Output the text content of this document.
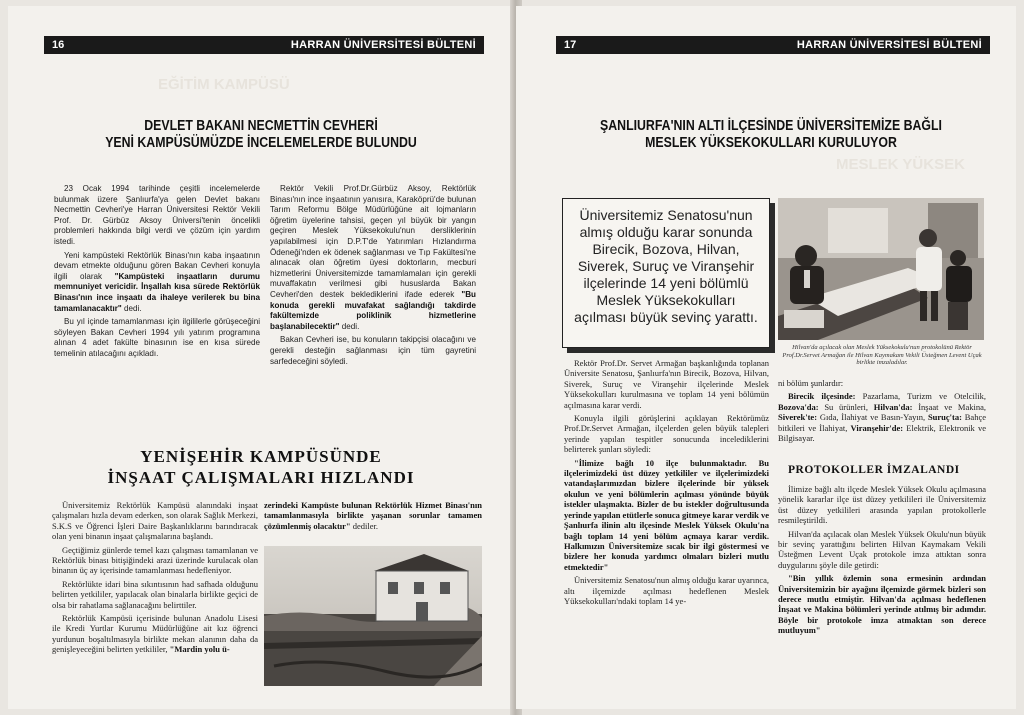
EĞİTİM KAMPÜSÜ
16	HARRAN ÜNİVERSİTESİ BÜLTENİ
DEVLET BAKANI NECMETTİN CEVHERİ
YENİ KAMPÜSÜMÜZDE İNCELEMELERDE BULUNDU

23 Ocak 1994 tarihinde çeşitli incelemelerde bulunmak üzere Şanlıurfa'ya gelen Devlet bakanı Necmettin Cevheri'ye Harran Üniversitesi Rektör Vekili Prof. Dr. Gürbüz Aksoy Üniversi'tenin öncelikli problemleri hakkında bilgi verdi ve çözüm için yardım istedi.

Yeni kampüsteki Rektörlük Binası'nın kaba inşaatının devam etmekte olduğunu gören Bakan Cevheri konuyla ilgili olarak "Kampüsteki inşaatların durumu memnuniyet vericidir. İnşallah kısa sürede Rektörlük Binası'nın ince inşaatı da ihaleye verilerek bu bina tamamlanacaktır" dedi.

Bu yıl içinde tamamlanması için ilgililerle görüşeceğini söyleyen Bakan Cevheri 1994 yılı yatırım programına alınan 4 adet fakülte binasının ise en kısa sürede temelinin atılacağını açıkladı.

Rektör Vekili Prof.Dr.Gürbüz Aksoy, Rektörlük Binası'nın ince inşaatının yanısıra, Karaköprü'de bulunan Tarım Reformu Bölge Müdürlüğüne ait lojmanların öğretim üyelerine tahsisi, geçen yıl büyük bir yangın geçiren Meslek Yüksekokulu'nun dersliklerinin yapılabilmesi için D.P.T'de Yatırımları Hızlandırma Ödeneği'nden ek ödenek sağlanması ve Tıp Fakültesi'ne alınacak olan öğretim üyesi doktorların, mecburi hizmetlerini Üniversitemizde tamamlamaları için gerekli muvaffakatın verilmesi gibi hususlarda Bakan Cevheri'den destek beklediklerini ifade ederek "Bu konuda gerekli muvafakat sağlandığı takdirde fakültemizde poliklinik hizmetlerine başlanabilecektir" dedi.

Bakan Cevheri ise, bu konuların takipçisi olacağını ve gerekli desteğin sağlanması için tüm gayretini sarfedeceğini söyledi.

YENİŞEHİR KAMPÜSÜNDE
İNŞAAT ÇALIŞMALARI HIZLANDI

Üniversitemiz Rektörlük Kampüsü alanındaki inşaat çalışmaları hızla devam ederken, son olarak Sağlık Merkezi, S.K.S ve Öğrenci İşleri Daire Başkanlıklarını barındıracak olan yeni binanın inşaat çalışmalarına başlandı.

Geçtiğimiz günlerde temel kazı çalışması tamamlanan ve Rektörlük binası bitişiğindeki arazi üzerinde kurulacak olan binanın üç ay içerisinde tamamlanması hedefleniyor.

Rektörlükte idari bina sıkıntısının had safhada olduğunu belirten yetkililer, yapılacak olan binalarla birlikte geçici de olsa bir rahatlama sağlanacağını belirttiler.

Rektörlük Kampüsü içerisinde bulunan Anadolu Lisesi ile Kredi Yurtlar Kurumu Müdürlüğüne ait kız öğrenci yurdunun boşaltılmasıyla birlikte mekan alanının daha da genişleyeceğini belirten yetkililer, "Mardin yolu ü-

zerindeki Kampüste bulunan Rektörlük Hizmet Binası'nın tamamlanmasıyla birlikte yaşanan sorunlar tamamen çözümlenmiş olacaktır" dediler.

MESLEK YÜKSEK
17	HARRAN ÜNİVERSİTESİ BÜLTENİ
ŞANLIURFA'NIN ALTI İLÇESİNDE ÜNİVERSİTEMİZE BAĞLI
MESLEK YÜKSEKOKULLARI KURULUYOR
Üniversitemiz Senatosu'nun almış olduğu karar sonunda Birecik, Bozova, Hilvan, Siverek, Suruç ve Viranşehir ilçelerinde 14 yeni bölümlü Meslek Yüksekokulları açılması büyük sevinç yarattı.
Hilvan'da açılacak olan Meslek Yüksekokulu'nun protokolünü Rektör Prof.Dr.Servet Armağan ile Hilvan Kaymakam Vekili Üsteğmen Levent Uçak birlikte imzaladılar.

Rektör Prof.Dr. Servet Armağan başkanlığında toplanan Üniversite Senatosu, Şanlıurfa'nın Birecik, Bozova, Hilvan, Siverek, Suruç ve Viranşehir ilçelerinde Meslek Yüksekokulları kurulmasına ve toplam 14 yeni bölümün açılmasına karar verdi.

Konuyla ilgili görüşlerini açıklayan Rektörümüz Prof.Dr.Servet Armağan, ilçelerden gelen büyük talepleri yerinde yapılan tespitler sonucunda incelediklerini belirterek şunları söyledi:

"İlimize bağlı 10 ilçe bulunmaktadır. Bu ilçelerimizdeki üst düzey yetkililer ve ilçelerimizdeki vatandaşlarımızdan bizlere ilçelerinde bir yüksek okulun ve yeni bölümlerin açılması yönünde büyük istekler ulaşmakta. Bizler de bu istekler doğrultusunda yerinde yapılan etütlerle sonuca gitmeye karar verdik ve Şanlıurfa ilinin altı ilçesinde Meslek Yüksek Okulu'na bağlı toplam 14 yeni bölüm açmaya karar verdik. Halkımızın Üniversitemize sıcak bir ilgi göstermesi ve bizlere her konuda yardımcı olmaları bizleri mutlu etmektedir"

Üniversitemiz Senatosu'nun almış olduğu karar uyarınca, altı ilçemizde açılması hedeflenen Meslek Yüksekokulları'ndaki toplam 14 ye-

ni bölüm şunlardır:

Birecik ilçesinde: Pazarlama, Turizm ve Otelcilik, Bozova'da: Su ürünleri, Hilvan'da: İnşaat ve Makina, Siverek'te: Gıda, İlahiyat ve Basın-Yayın, Suruç'ta: Bahçe bitkileri ve İlahiyat, Viranşehir'de: Elektrik, Elektronik ve Bilgisayar.

PROTOKOLLER İMZALANDI

İlimize bağlı altı ilçede Meslek Yüksek Okulu açılmasına yönelik kararlar ilçe üst düzey yetkilileri ile Üniversitemiz üst düzey yetkilileri arasında yapılan protokollerle resmileştirildi.

Hilvan'da açılacak olan Meslek Yüksek Okulu'nun büyük bir sevinç yarattığını belirten Hilvan Kaymakam Vekili Üsteğmen Levent Uçak protokole imza attıktan sonra duygularını şöyle dile getirdi:

"Bin yıllık özlemin sona ermesinin ardından Üniversitemizin bir ayağını ilçemizde görmek bizleri son derece mutlu etmiştir. Hilvan'da açılması hedeflenen İnşaat ve Makina bölümleri yerinde atılmış bir adımdır. Böyle bir protokole imza atmaktan son derece mutluyum"
